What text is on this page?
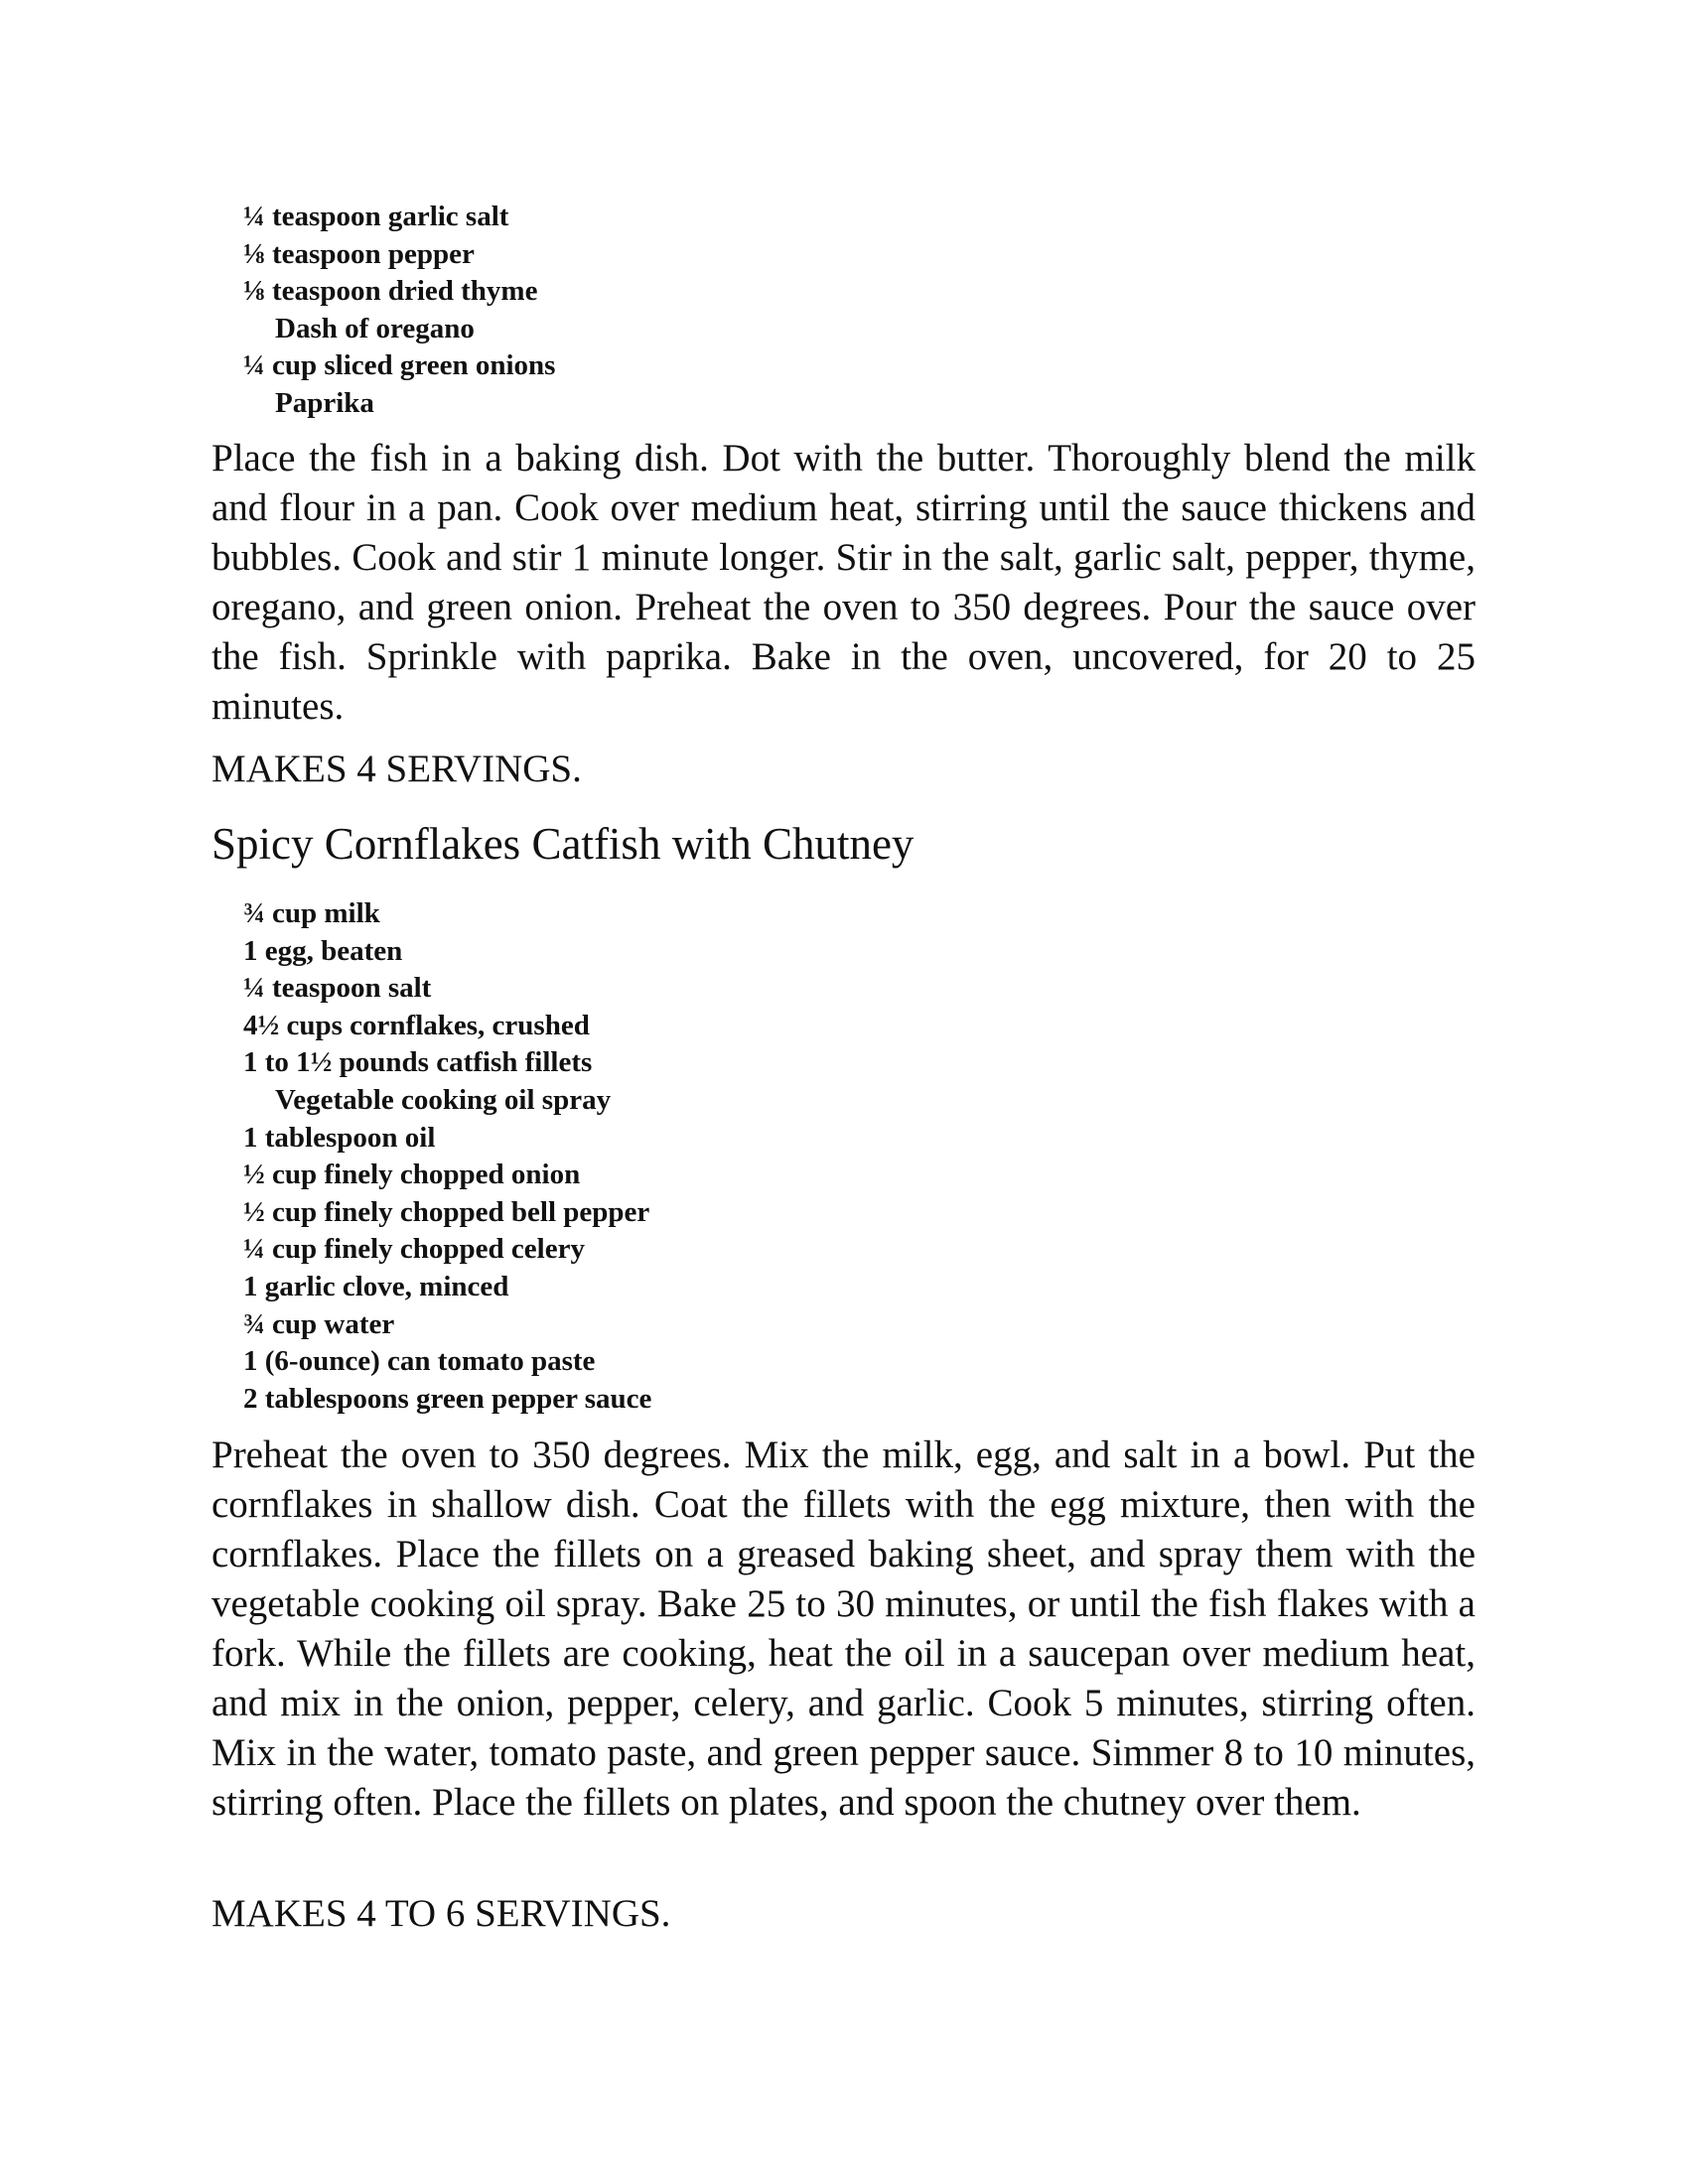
¼ teaspoon garlic salt
⅛ teaspoon pepper
⅛ teaspoon dried thyme
Dash of oregano
¼ cup sliced green onions
Paprika

Place the fish in a baking dish. Dot with the butter. Thoroughly blend the milk and flour in a pan. Cook over medium heat, stirring until the sauce thickens and bubbles. Cook and stir 1 minute longer. Stir in the salt, garlic salt, pepper, thyme, oregano, and green onion. Preheat the oven to 350 degrees. Pour the sauce over the fish. Sprinkle with paprika. Bake in the oven, uncovered, for 20 to 25 minutes.

MAKES 4 SERVINGS.

Spicy Cornflakes Catfish with Chutney
¾ cup milk
1 egg, beaten
¼ teaspoon salt
4½ cups cornflakes, crushed
1 to 1½ pounds catfish fillets
Vegetable cooking oil spray
1 tablespoon oil
½ cup finely chopped onion
½ cup finely chopped bell pepper
¼ cup finely chopped celery
1 garlic clove, minced
¾ cup water
1 (6-ounce) can tomato paste
2 tablespoons green pepper sauce

Preheat the oven to 350 degrees. Mix the milk, egg, and salt in a bowl. Put the cornflakes in shallow dish. Coat the fillets with the egg mixture, then with the cornflakes. Place the fillets on a greased baking sheet, and spray them with the vegetable cooking oil spray. Bake 25 to 30 minutes, or until the fish flakes with a fork. While the fillets are cooking, heat the oil in a saucepan over medium heat, and mix in the onion, pepper, celery, and garlic. Cook 5 minutes, stirring often. Mix in the water, tomato paste, and green pepper sauce. Simmer 8 to 10 minutes, stirring often. Place the fillets on plates, and spoon the chutney over them.

MAKES 4 TO 6 SERVINGS.
